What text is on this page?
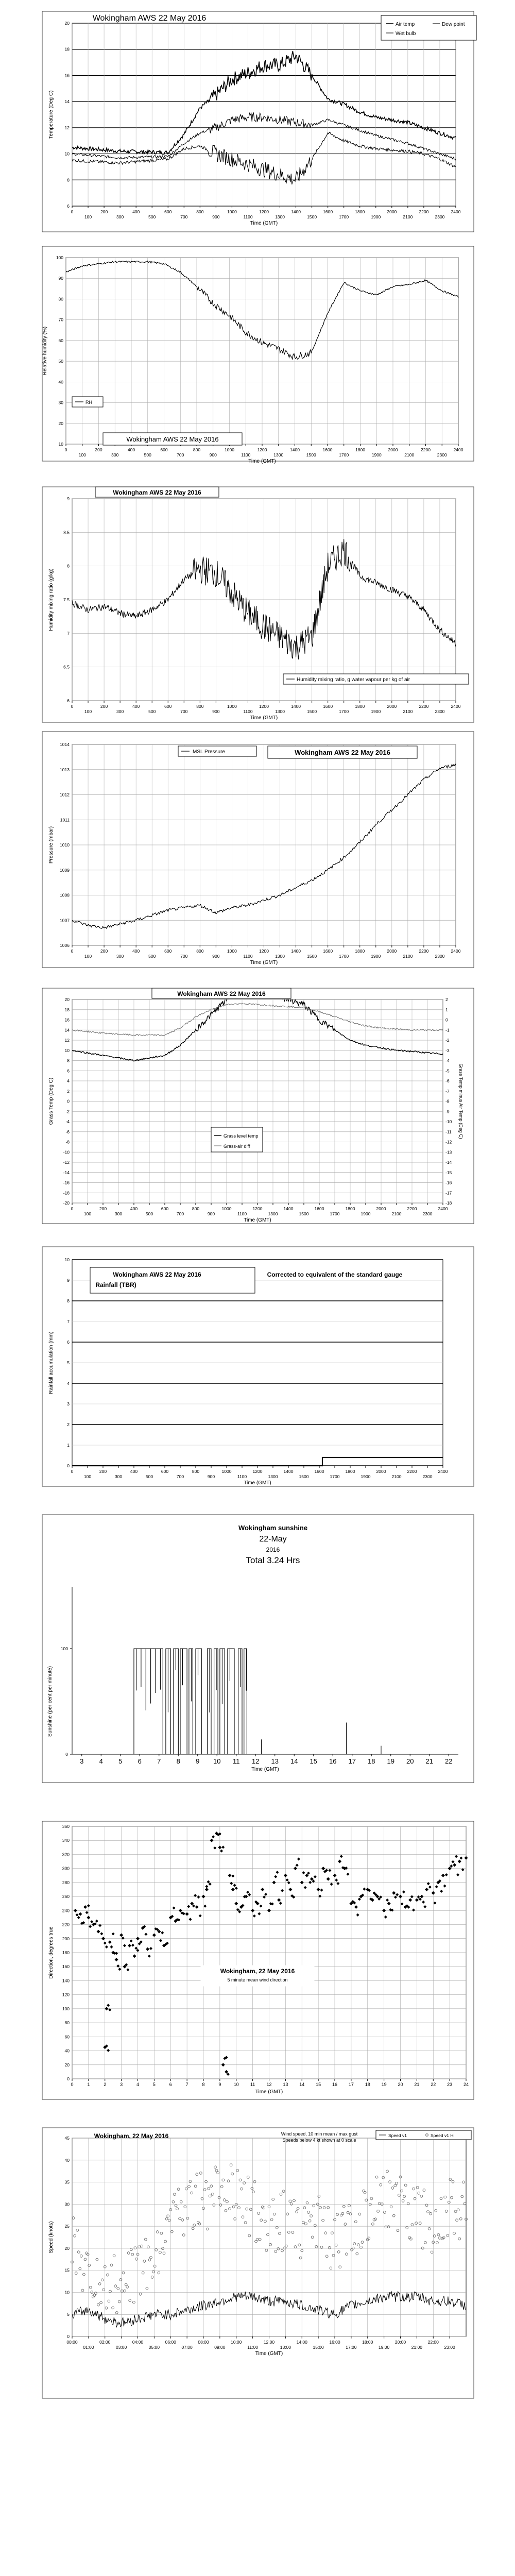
6
8
10
12
14
16
18
20
0
100
200
300
400
500
600
700
800
900
1000
1100
1200
1300
1400
1500
1600
1700
1800
1900
2000
2100
2200
2300
2400
Time (GMT)
Temperature (Deg C)
Wokingham AWS 22 May 2016
Air temp
Wet bulb
Dew point
10
20
30
40
50
60
70
80
90
100
0
100
200
300
400
500
600
700
800
900
1000
1100
1200
1300
1400
1500
1600
1700
1800
1900
2000
2100
2200
2300
2400
Time (GMT)
Relative humidity (%)
RH
Wokingham AWS 22 May 2016
6
6.5
7
7.5
8
8.5
9
0
100
200
300
400
500
600
700
800
900
1000
1100
1200
1300
1400
1500
1600
1700
1800
1900
2000
2100
2200
2300
2400
Time (GMT)
Humidity mixing ratio (g/kg)
Wokingham AWS 22 May 2016
Humidity mixing ratio, g water vapour per kg of air
1006
1007
1008
1009
1010
1011
1012
1013
1014
0
100
200
300
400
500
600
700
800
900
1000
1100
1200
1300
1400
1500
1600
1700
1800
1900
2000
2100
2200
2300
2400
Time (GMT)
Pressure (mbar)
MSL Pressure	Wokingham AWS 22 May 2016
-20
-18
-16
-14
-12
-10
-8
-6
-4
-2
0
2
4
6
8
10
12
14
16
18
20
0
100
200
300
400
500
600
700
800
900
1000
1100
1200
1300
1400
1500
1600
1700
1800
1900
2000
2100
2200
2300
2400
Time (GMT)
Grass Temp (Deg C)
-18
-17
-16
-15
-14
-13
-12
-11
-10
-9
-8
-7
-6
-5
-4
-3
-2
-1
0
1
2
Grass Temp minus Air Temp (Deg C)
Wokingham AWS 22 May 2016
Grass level temp
Grass-air diff
0
1
2
3
4
5
6
7
8
9
10
0
100
200
300
400
500
600
700
800
900
1000
1100
1200
1300
1400
1500
1600
1700
1800
1900
2000
2100
2200
2300
2400
Time (GMT)
Rainfall accumulation (mm)
Wokingham AWS 22 May 2016
Rainfall (TBR)
Corrected to equivalent of the standard gauge
0
100
3 4 5 6 7 8 9 10 11 12 13 14 15 16 17 18 19 20 21 22
Time (GMT)
Sunshine (per cent per minute)
Wokingham sunshine
22-May
2016
Total 3.24 Hrs
0
20
40
60
80
100
120
140
160
180
200
220
240
260
280
300
320
340
360
0	1	2	3	4	5	6	7	8	9	10 11 12 13 14 15 16 17 18 19 20 21 22 23 24
Time (GMT)
Direction, degrees true	Wokingham, 22 May 2016
5 minute mean wind direction
0
5
10
15
20
25
30
35
40
45
00:00
01:00
02:00
03:00
04:00
05:00
06:00
07:00
08:00
09:00
10:00
11:00
12:00
13:00
14:00
15:00
16:00
17:00
18:00
19:00
20:00
21:00
22:00
23:00
Time (GMT)
Speed (knots)
Wokingham, 22 May 2016	Wind speed, 10 min mean / max gust
Speeds below 4 kt shown at 0 scale
Speed v1	Speed v1 Hi
